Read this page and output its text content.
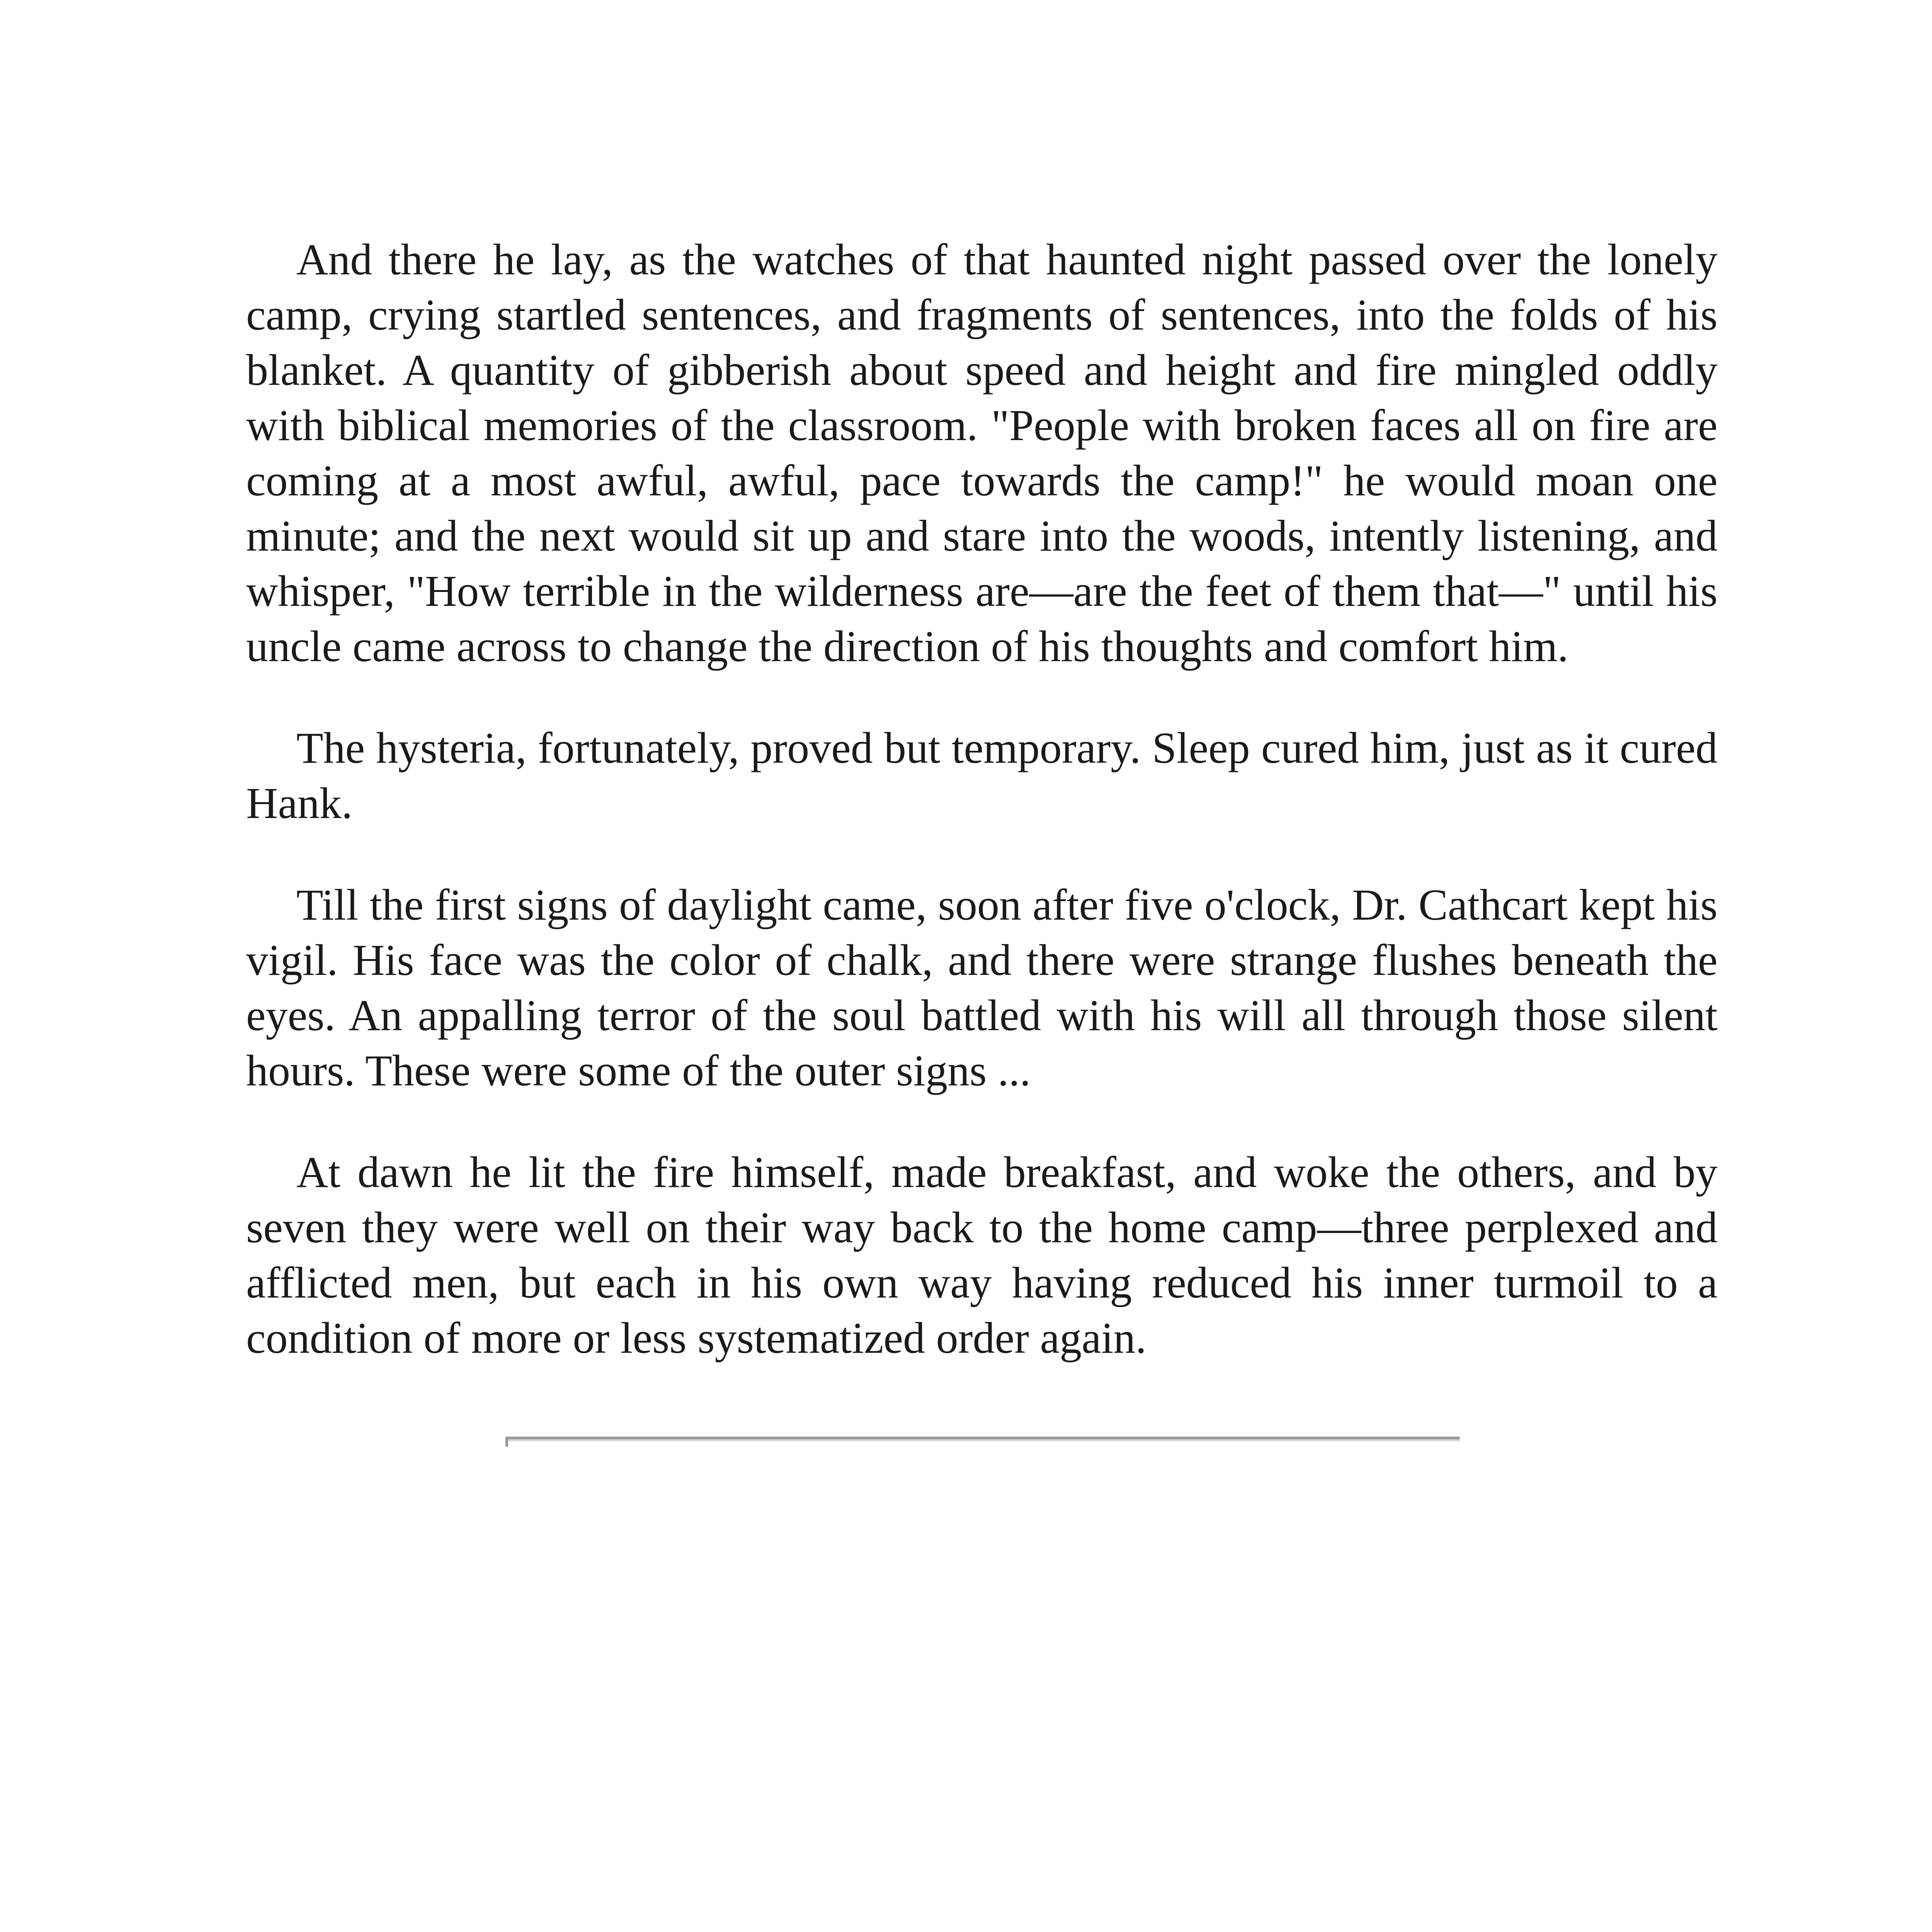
And there he lay, as the watches of that haunted night passed over the lonely camp, crying startled sentences, and fragments of sentences, into the folds of his blanket. A quantity of gibberish about speed and height and fire mingled oddly with biblical memories of the classroom. "People with broken faces all on fire are coming at a most awful, awful, pace towards the camp!" he would moan one minute; and the next would sit up and stare into the woods, intently listening, and whisper, "How terrible in the wilderness are—are the feet of them that—" until his uncle came across to change the direction of his thoughts and comfort him.

The hysteria, fortunately, proved but temporary. Sleep cured him, just as it cured Hank.

Till the first signs of daylight came, soon after five o'clock, Dr. Cathcart kept his vigil. His face was the color of chalk, and there were strange flushes beneath the eyes. An appalling terror of the soul battled with his will all through those silent hours. These were some of the outer signs ...

At dawn he lit the fire himself, made breakfast, and woke the others, and by seven they were well on their way back to the home camp—three perplexed and afflicted men, but each in his own way having reduced his inner turmoil to a condition of more or less systematized order again.
